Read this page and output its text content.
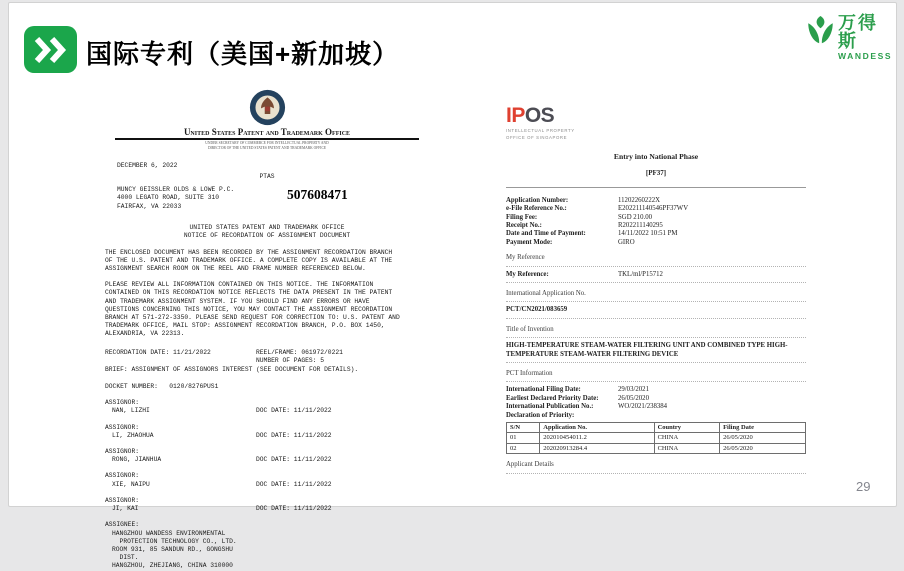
国际专利（美国+新加坡）
万得斯
WANDESS
United States Patent and Trademark Office
UNDER SECRETARY OF COMMERCE FOR INTELLECTUAL PROPERTY AND
DIRECTOR OF THE UNITED STATES PATENT AND TRADEMARK OFFICE
DECEMBER 6, 2022
PTAS
MUNCY GEISSLER OLDS & LOWE P.C.
4000 LEGATO ROAD, SUITE 310
FAIRFAX, VA 22033
507608471
UNITED STATES PATENT AND TRADEMARK OFFICE
NOTICE OF RECORDATION OF ASSIGNMENT DOCUMENT
THE ENCLOSED DOCUMENT HAS BEEN RECORDED BY THE ASSIGNMENT RECORDATION BRANCH OF THE U.S. PATENT AND TRADEMARK OFFICE. A COMPLETE COPY IS AVAILABLE AT THE ASSIGNMENT SEARCH ROOM ON THE REEL AND FRAME NUMBER REFERENCED BELOW.
PLEASE REVIEW ALL INFORMATION CONTAINED ON THIS NOTICE. THE INFORMATION CONTAINED ON THIS RECORDATION NOTICE REFLECTS THE DATA PRESENT IN THE PATENT AND TRADEMARK ASSIGNMENT SYSTEM. IF YOU SHOULD FIND ANY ERRORS OR HAVE QUESTIONS CONCERNING THIS NOTICE, YOU MAY CONTACT THE ASSIGNMENT RECORDATION BRANCH AT 571-272-3350. PLEASE SEND REQUEST FOR CORRECTION TO: U.S. PATENT AND TRADEMARK OFFICE, MAIL STOP: ASSIGNMENT RECORDATION BRANCH, P.O. BOX 1450, ALEXANDRIA, VA 22313.
RECORDATION DATE: 11/21/2022	REEL/FRAME: 061972/0221
NUMBER OF PAGES: 5
BRIEF: ASSIGNMENT OF ASSIGNORS INTEREST (SEE DOCUMENT FOR DETAILS).
DOCKET NUMBER:   0120/8276PUS1
ASSIGNOR:
NAN, LIZHI	DOC DATE: 11/11/2022
ASSIGNOR:
LI, ZHAOHUA	DOC DATE: 11/11/2022
ASSIGNOR:
RONG, JIANHUA	DOC DATE: 11/11/2022
ASSIGNOR:
XIE, NAIPU	DOC DATE: 11/11/2022
ASSIGNOR:
JI, KAI	DOC DATE: 11/11/2022
ASSIGNEE:
HANGZHOU WANDESS ENVIRONMENTAL
PROTECTION TECHNOLOGY CO., LTD.
ROOM 931, 85 SANDUN RD., GONGSHU
DIST.
HANGZHOU, ZHEJIANG, CHINA 310000
IPOS
INTELLECTUAL PROPERTY
OFFICE OF SINGAPORE
Entry into National Phase
[PF37]
Application Number:	11202260222X
e-File Reference No.:	E202211140546PF37WV
Filing Fee:	SGD 210.00
Receipt No.:	R202211140295
Date and Time of Payment:	14/11/2022 10:51 PM
Payment Mode:	GIRO
My Reference
My Reference:	TKL/ml/P15712
International Application No.
PCT/CN2021/083659
Title of Invention
HIGH-TEMPERATURE STEAM-WATER FILTERING UNIT AND COMBINED TYPE HIGH-TEMPERATURE STEAM-WATER FILTERING DEVICE
PCT Information
International Filing Date:	29/03/2021
Earliest Declared Priority Date:	26/05/2020
International Publication No.:	WO/2021/238384
Declaration of Priority:
S/N	Application No.	Country	Filing Date
01	202010454011.2	CHINA	26/05/2020
02	202020913284.4	CHINA	26/05/2020
Applicant Details
29
